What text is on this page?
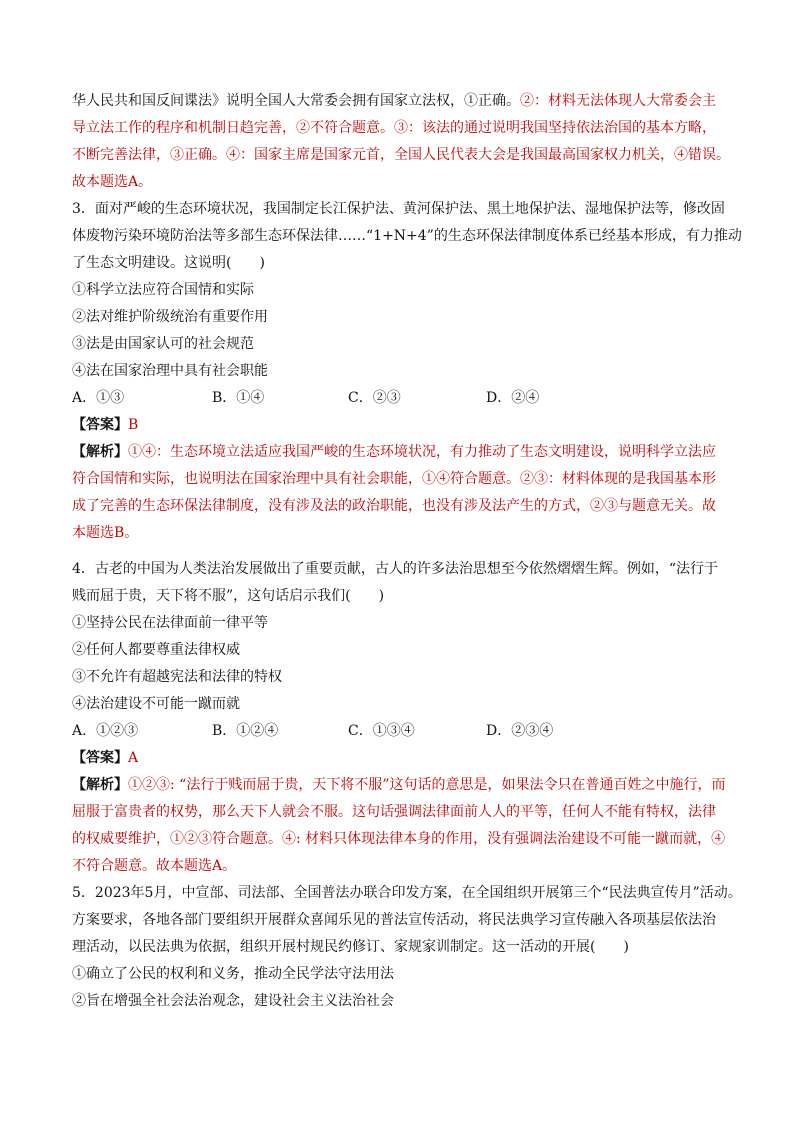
华人民共和国反间谍法》说明全国人大常委会拥有国家立法权，①正确。②：材料无法体现人大常委会主
导立法工作的程序和机制日趋完善，②不符合题意。③：该法的通过说明我国坚持依法治国的基本方略，
不断完善法律，③正确。④：国家主席是国家元首，全国人民代表大会是我国最高国家权力机关，④错误。
故本题选A。
3．面对严峻的生态环境状况，我国制定长江保护法、黄河保护法、黑土地保护法、湿地保护法等，修改固
体废物污染环境防治法等多部生态环保法律……“1+N+4”的生态环保法律制度体系已经基本形成，有力推动
了生态文明建设。这说明(　　)
①科学立法应符合国情和实际
②法对维护阶级统治有重要作用
③法是由国家认可的社会规范
④法在国家治理中具有社会职能
A．①③	B．①④	C．②③	D．②④
【答案】B
【解析】①④：生态环境立法适应我国严峻的生态环境状况，有力推动了生态文明建设，说明科学立法应
符合国情和实际，也说明法在国家治理中具有社会职能，①④符合题意。②③：材料体现的是我国基本形
成了完善的生态环保法律制度，没有涉及法的政治职能，也没有涉及法产生的方式，②③与题意无关。故
本题选B。
4．古老的中国为人类法治发展做出了重要贡献，古人的许多法治思想至今依然熠熠生辉。例如，“法行于
贱而屈于贵，天下将不服”，这句话启示我们(　　)
①坚持公民在法律面前一律平等
②任何人都要尊重法律权威
③不允许有超越宪法和法律的特权
④法治建设不可能一蹴而就
A．①②③	B．①②④	C．①③④	D．②③④
【答案】A
【解析】①②③: “法行于贱而屈于贵，天下将不服”这句话的意思是，如果法令只在普通百姓之中施行，而
屈服于富贵者的权势，那么天下人就会不服。这句话强调法律面前人人的平等，任何人不能有特权，法律
的权威要维护，①②③符合题意。④: 材料只体现法律本身的作用，没有强调法治建设不可能一蹴而就，④
不符合题意。故本题选A。
5．2023年5月，中宣部、司法部、全国普法办联合印发方案，在全国组织开展第三个“民法典宣传月”活动。
方案要求，各地各部门要组织开展群众喜闻乐见的普法宣传活动，将民法典学习宣传融入各项基层依法治
理活动，以民法典为依据，组织开展村规民约修订、家规家训制定。这一活动的开展(　　)
①确立了公民的权利和义务，推动全民学法守法用法
②旨在增强全社会法治观念，建设社会主义法治社会
